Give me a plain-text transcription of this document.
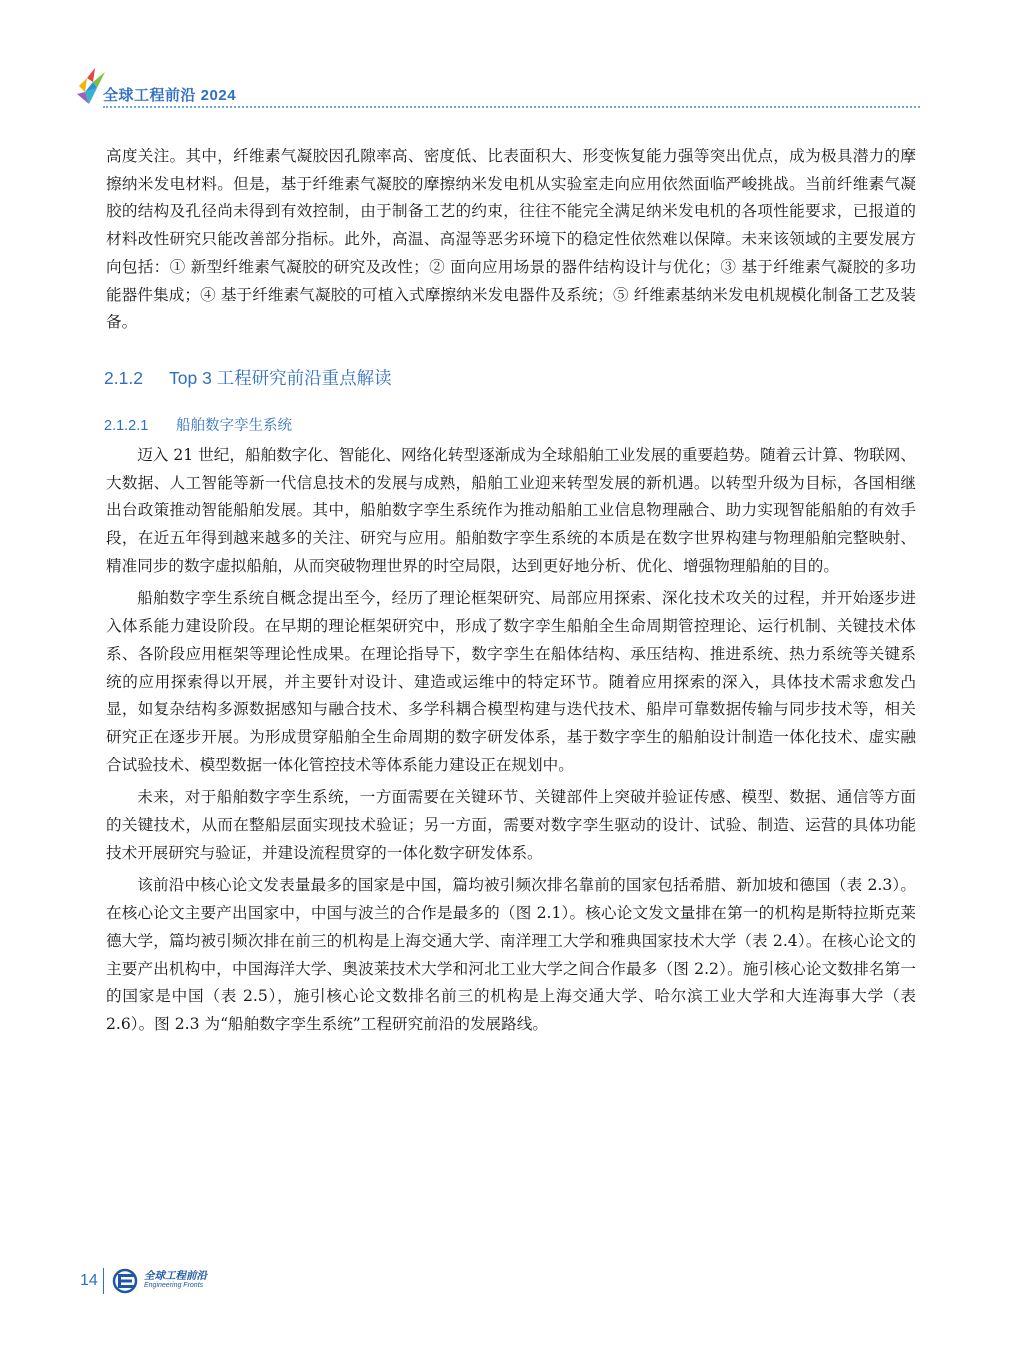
全球工程前沿 2024

高度关注。其中，纤维素气凝胶因孔隙率高、密度低、比表面积大、形变恢复能力强等突出优点，成为极具潜力的摩擦纳米发电材料。但是，基于纤维素气凝胶的摩擦纳米发电机从实验室走向应用依然面临严峻挑战。当前纤维素气凝胶的结构及孔径尚未得到有效控制，由于制备工艺的约束，往往不能完全满足纳米发电机的各项性能要求，已报道的材料改性研究只能改善部分指标。此外，高温、高湿等恶劣环境下的稳定性依然难以保障。未来该领域的主要发展方向包括：① 新型纤维素气凝胶的研究及改性；② 面向应用场景的器件结构设计与优化；③ 基于纤维素气凝胶的多功能器件集成；④ 基于纤维素气凝胶的可植入式摩擦纳米发电器件及系统；⑤ 纤维素基纳米发电机规模化制备工艺及装备。

2.1.2 Top 3 工程研究前沿重点解读
2.1.2.1 船舶数字孪生系统

迈入 21 世纪，船舶数字化、智能化、网络化转型逐渐成为全球船舶工业发展的重要趋势。随着云计算、物联网、大数据、人工智能等新一代信息技术的发展与成熟，船舶工业迎来转型发展的新机遇。以转型升级为目标，各国相继出台政策推动智能船舶发展。其中，船舶数字孪生系统作为推动船舶工业信息物理融合、助力实现智能船舶的有效手段，在近五年得到越来越多的关注、研究与应用。船舶数字孪生系统的本质是在数字世界构建与物理船舶完整映射、精准同步的数字虚拟船舶，从而突破物理世界的时空局限，达到更好地分析、优化、增强物理船舶的目的。

船舶数字孪生系统自概念提出至今，经历了理论框架研究、局部应用探索、深化技术攻关的过程，并开始逐步进入体系能力建设阶段。在早期的理论框架研究中，形成了数字孪生船舶全生命周期管控理论、运行机制、关键技术体系、各阶段应用框架等理论性成果。在理论指导下，数字孪生在船体结构、承压结构、推进系统、热力系统等关键系统的应用探索得以开展，并主要针对设计、建造或运维中的特定环节。随着应用探索的深入，具体技术需求愈发凸显，如复杂结构多源数据感知与融合技术、多学科耦合模型构建与迭代技术、船岸可靠数据传输与同步技术等，相关研究正在逐步开展。为形成贯穿船舶全生命周期的数字研发体系，基于数字孪生的船舶设计制造一体化技术、虚实融合试验技术、模型数据一体化管控技术等体系能力建设正在规划中。

未来，对于船舶数字孪生系统，一方面需要在关键环节、关键部件上突破并验证传感、模型、数据、通信等方面的关键技术，从而在整船层面实现技术验证；另一方面，需要对数字孪生驱动的设计、试验、制造、运营的具体功能技术开展研究与验证，并建设流程贯穿的一体化数字研发体系。

该前沿中核心论文发表量最多的国家是中国，篇均被引频次排名靠前的国家包括希腊、新加坡和德国（表 2.3）。在核心论文主要产出国家中，中国与波兰的合作是最多的（图 2.1）。核心论文发文量排在第一的机构是斯特拉斯克莱德大学，篇均被引频次排在前三的机构是上海交通大学、南洋理工大学和雅典国家技术大学（表 2.4）。在核心论文的主要产出机构中，中国海洋大学、奥波莱技术大学和河北工业大学之间合作最多（图 2.2）。施引核心论文数排名第一的国家是中国（表 2.5），施引核心论文数排名前三的机构是上海交通大学、哈尔滨工业大学和大连海事大学（表 2.6）。图 2.3 为“船舶数字孪生系统”工程研究前沿的发展路线。

14	全球工程前沿
Engineering Fronts
